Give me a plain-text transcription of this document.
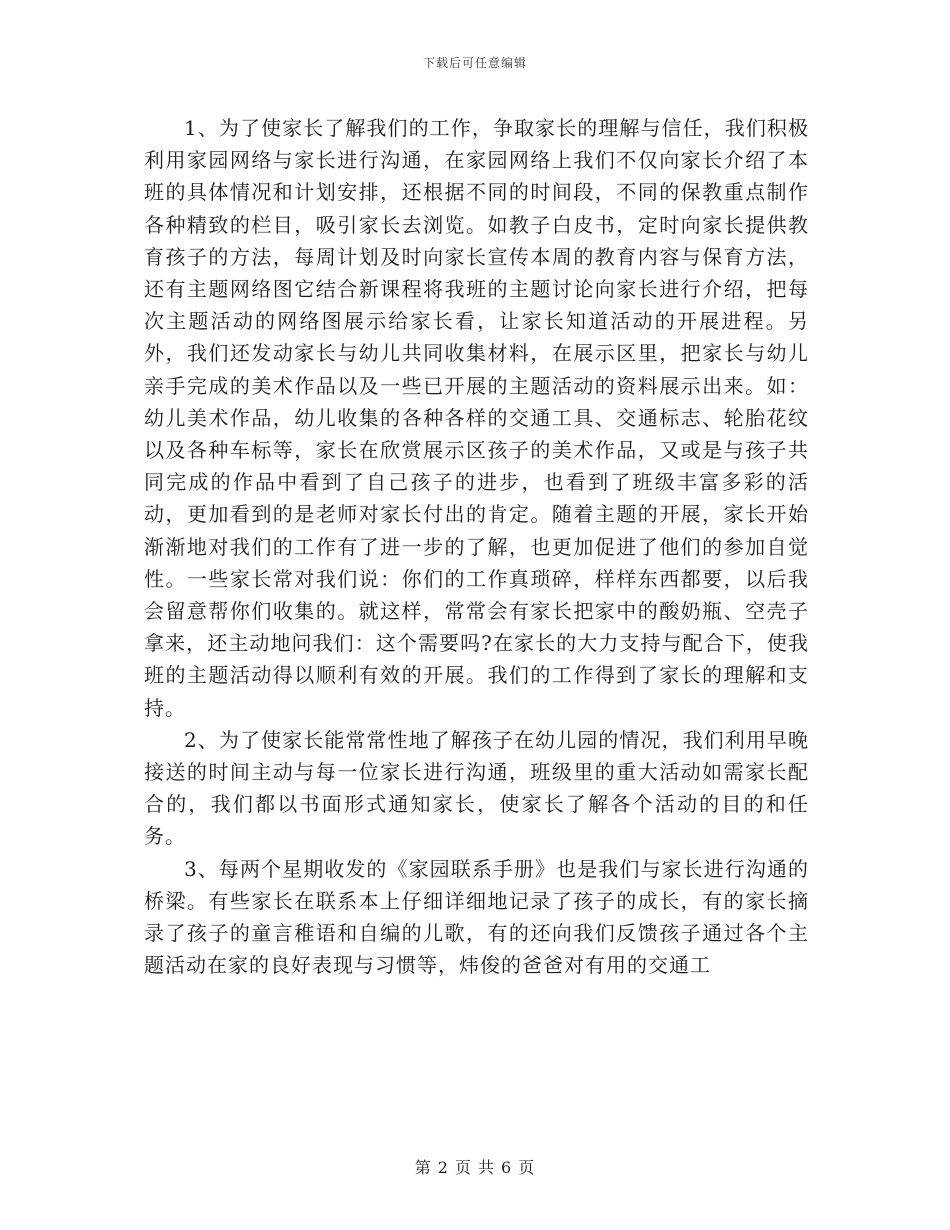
下载后可任意编辑

1、为了使家长了解我们的工作，争取家长的理解与信任，我们积极利用家园网络与家长进行沟通，在家园网络上我们不仅向家长介绍了本班的具体情况和计划安排，还根据不同的时间段，不同的保教重点制作各种精致的栏目，吸引家长去浏览。如教子白皮书，定时向家长提供教育孩子的方法，每周计划及时向家长宣传本周的教育内容与保育方法，还有主题网络图它结合新课程将我班的主题讨论向家长进行介绍，把每次主题活动的网络图展示给家长看，让家长知道活动的开展进程。另外，我们还发动家长与幼儿共同收集材料，在展示区里，把家长与幼儿亲手完成的美术作品以及一些已开展的主题活动的资料展示出来。如：幼儿美术作品，幼儿收集的各种各样的交通工具、交通标志、轮胎花纹以及各种车标等，家长在欣赏展示区孩子的美术作品，又或是与孩子共同完成的作品中看到了自己孩子的进步，也看到了班级丰富多彩的活动，更加看到的是老师对家长付出的肯定。随着主题的开展，家长开始渐渐地对我们的工作有了进一步的了解，也更加促进了他们的参加自觉性。一些家长常对我们说：你们的工作真琐碎，样样东西都要，以后我会留意帮你们收集的。就这样，常常会有家长把家中的酸奶瓶、空壳子拿来，还主动地问我们：这个需要吗?在家长的大力支持与配合下，使我班的主题活动得以顺利有效的开展。我们的工作得到了家长的理解和支持。

2、为了使家长能常常性地了解孩子在幼儿园的情况，我们利用早晚接送的时间主动与每一位家长进行沟通，班级里的重大活动如需家长配合的，我们都以书面形式通知家长，使家长了解各个活动的目的和任务。

3、每两个星期收发的《家园联系手册》也是我们与家长进行沟通的桥梁。有些家长在联系本上仔细详细地记录了孩子的成长，有的家长摘录了孩子的童言稚语和自编的儿歌，有的还向我们反馈孩子通过各个主题活动在家的良好表现与习惯等，炜俊的爸爸对有用的交通工

第 2 页 共 6 页
